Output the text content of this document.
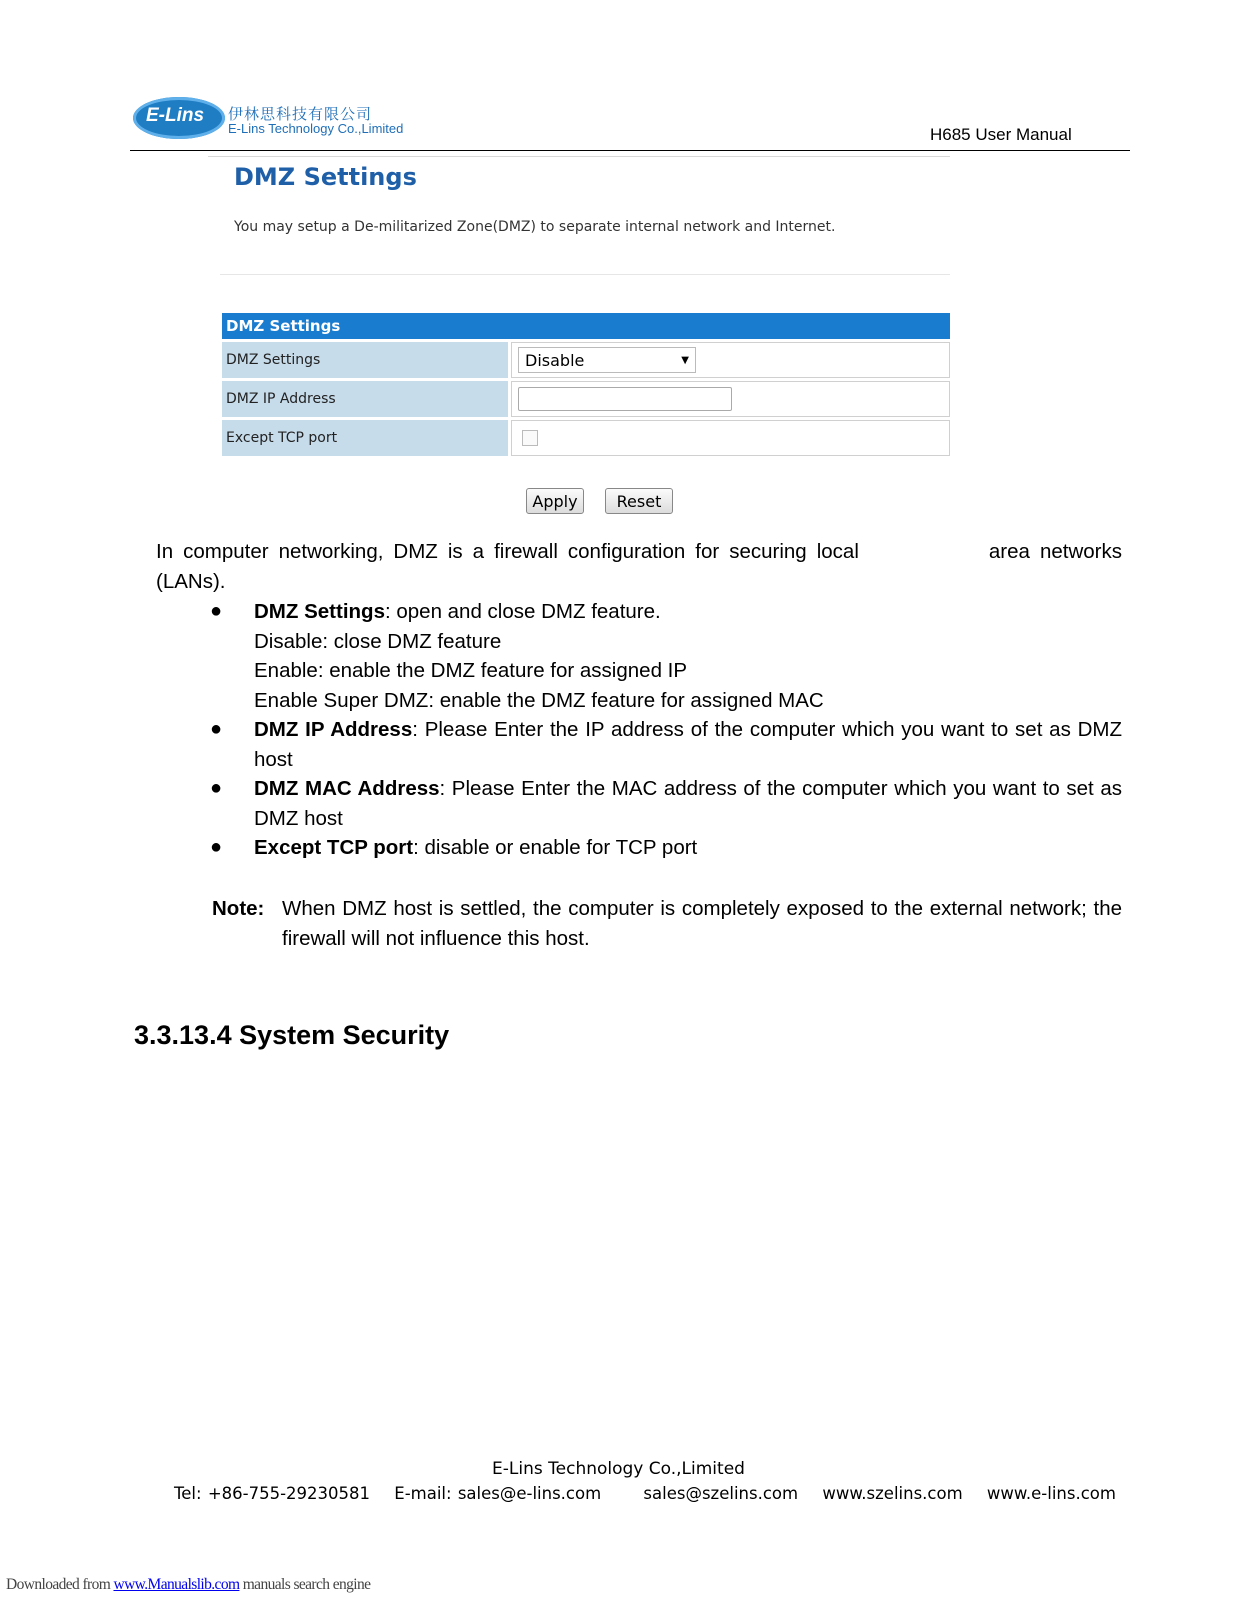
E-Lins 伊林思科技有限公司
E-Lins Technology Co.,Limited	H685 User Manual
DMZ Settings
You may setup a De-militarized Zone(DMZ) to separate internal network and Internet.
DMZ Settings
DMZ Settings	Disable	▼
DMZ IP Address
Except TCP port
Apply	Reset
In computer networking, DMZ is a firewall configuration for securing local	area networks (LANs).
●	DMZ Settings: open and close DMZ feature.
Disable: close DMZ feature
Enable: enable the DMZ feature for assigned IP
Enable Super DMZ: enable the DMZ feature for assigned MAC
●	DMZ IP Address: Please Enter the IP address of the computer which you want to set as DMZ host
●	DMZ MAC Address: Please Enter the MAC address of the computer which you want to set as DMZ host
●	Except TCP port: disable or enable for TCP port
Note: When DMZ host is settled, the computer is completely exposed to the external network; the firewall will not influence this host.
3.3.13.4 System Security
E-Lins Technology Co.,Limited
Tel: +86-755-29230581 E-mail: sales@e-lins.com	sales@szelins.com www.szelins.com www.e-lins.com
Downloaded from www.Manualslib.com manuals search engine
